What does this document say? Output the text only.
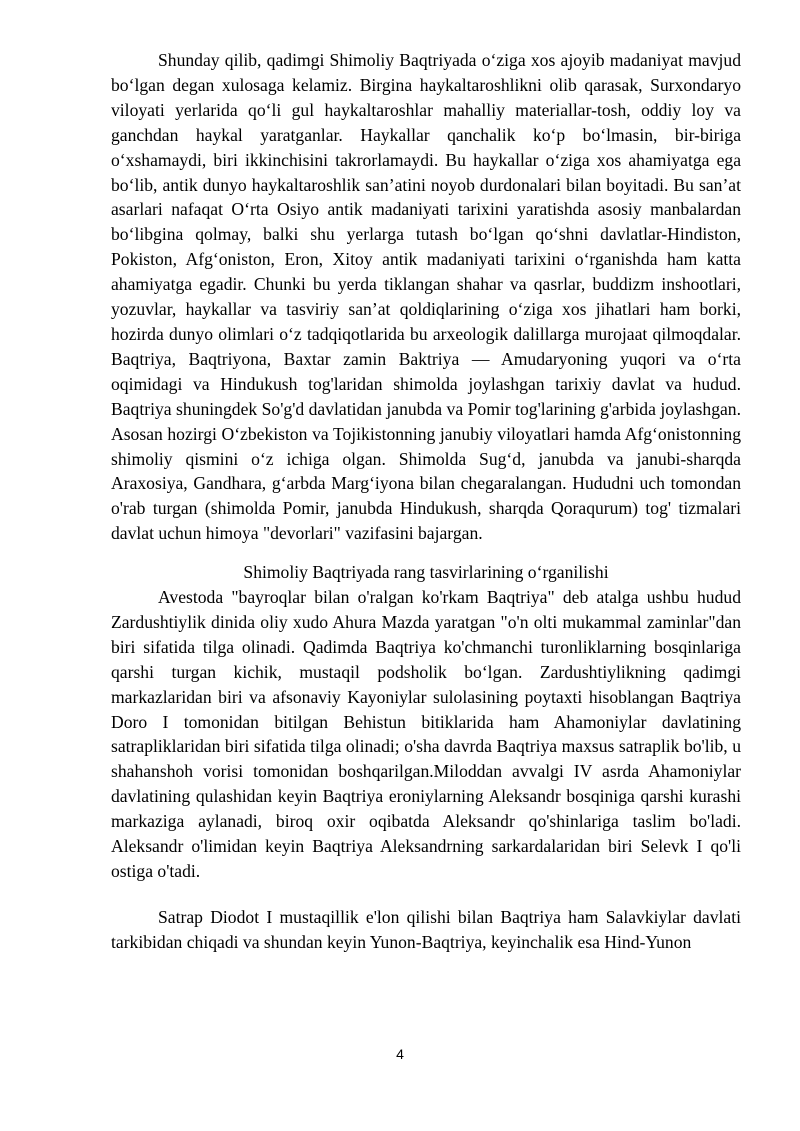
Shunday qilib, qadimgi Shimoliy Baqtriyada oʻziga xos ajoyib madaniyat mavjud boʻlgan degan xulosaga kelamiz. Birgina haykaltaroshlikni olib qarasak, Surxondaryo viloyati yerlarida qoʻli gul haykaltaroshlar mahalliy materiallar-tosh, oddiy loy va ganchdan haykal yaratganlar. Haykallar qanchalik koʻp boʻlmasin, bir-biriga oʻxshamaydi, biri ikkinchisini takrorlamaydi. Bu haykallar oʻziga xos ahamiyatga ega boʻlib, antik dunyo haykaltaroshlik san’atini noyob durdonalari bilan boyitadi. Bu san’at asarlari nafaqat Oʻrta Osiyo antik madaniyati tarixini yaratishda asosiy manbalardan boʻlibgina qolmay, balki shu yerlarga tutash boʻlgan qoʻshni davlatlar-Hindiston, Pokiston, Afgʻoniston, Eron, Xitoy antik madaniyati tarixini oʻrganishda ham katta ahamiyatga egadir. Chunki bu yerda tiklangan shahar va qasrlar, buddizm inshootlari, yozuvlar, haykallar va tasviriy san’at qoldiqlarining oʻziga xos jihatlari ham borki, hozirda dunyo olimlari oʻz tadqiqotlarida bu arxeologik dalillarga murojaat qilmoqdalar. Baqtriya, Baqtriyona, Baxtar zamin Baktriya — Amudaryoning yuqori va oʻrta oqimidagi va Hindukush tog'laridan shimolda joylashgan tarixiy davlat va hudud. Baqtriya shuningdek So'g'd davlatidan janubda va Pomir tog'larining g'arbida joylashgan. Asosan hozirgi Oʻzbekiston va Tojikistonning janubiy viloyatlari hamda Afgʻonistonning shimoliy qismini oʻz ichiga olgan. Shimolda Sugʻd, janubda va janubi-sharqda Araxosiya, Gandhara, gʻarbda Margʻiyona bilan chegaralangan. Hududni uch tomondan o'rab turgan (shimolda Pomir, janubda Hindukush, sharqda Qoraqurum) tog' tizmalari davlat uchun himoya "devorlari" vazifasini bajargan.

Shimoliy Baqtriyada rang tasvirlarining oʻrganilishi

Avestoda "bayroqlar bilan o'ralgan ko'rkam Baqtriya" deb atalga ushbu hudud Zardushtiylik dinida oliy xudo Ahura Mazda yaratgan "o'n olti mukammal zaminlar"dan biri sifatida tilga olinadi. Qadimda Baqtriya ko'chmanchi turonliklarning bosqinlariga qarshi turgan kichik, mustaqil podsholik boʻlgan. Zardushtiylikning qadimgi markazlaridan biri va afsonaviy Kayoniylar sulolasining poytaxti hisoblangan Baqtriya Doro I tomonidan bitilgan Behistun bitiklarida ham Ahamoniylar davlatining satrapliklaridan biri sifatida tilga olinadi; o'sha davrda Baqtriya maxsus satraplik bo'lib, u shahanshoh vorisi tomonidan boshqarilgan.Miloddan avvalgi IV asrda Ahamoniylar davlatining qulashidan keyin Baqtriya eroniylarning Aleksandr bosqiniga qarshi kurashi markaziga aylanadi, biroq oxir oqibatda Aleksandr qo'shinlariga taslim bo'ladi. Aleksandr o'limidan keyin Baqtriya Aleksandrning sarkardalaridan biri Selevk I qo'li ostiga o'tadi.

Satrap Diodot I mustaqillik e'lon qilishi bilan Baqtriya ham Salavkiylar davlati tarkibidan chiqadi va shundan keyin Yunon-Baqtriya, keyinchalik esa Hind-Yunon

4
